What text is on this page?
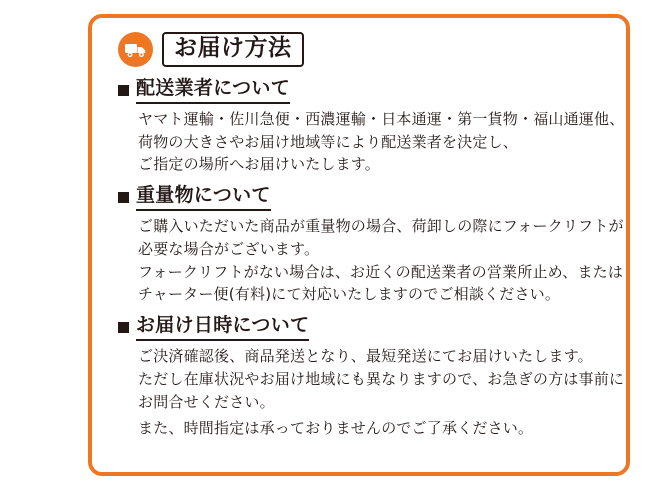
お届け方法
配送業者について
ヤマト運輸・佐川急便・西濃運輸・日本通運・第一貨物・福山通運他、
荷物の大きさやお届け地域等により配送業者を決定し、
ご指定の場所へお届けいたします。
重量物について
ご購入いただいた商品が重量物の場合、荷卸しの際にフォークリフトが
必要な場合がございます。
フォークリフトがない場合は、お近くの配送業者の営業所止め、または
チャーター便(有料)にて対応いたしますのでご相談ください。
お届け日時について
ご決済確認後、商品発送となり、最短発送にてお届けいたします。
ただし在庫状況やお届け地域にも異なりますので、お急ぎの方は事前に
お問合せください。
また、時間指定は承っておりませんのでご了承ください。
